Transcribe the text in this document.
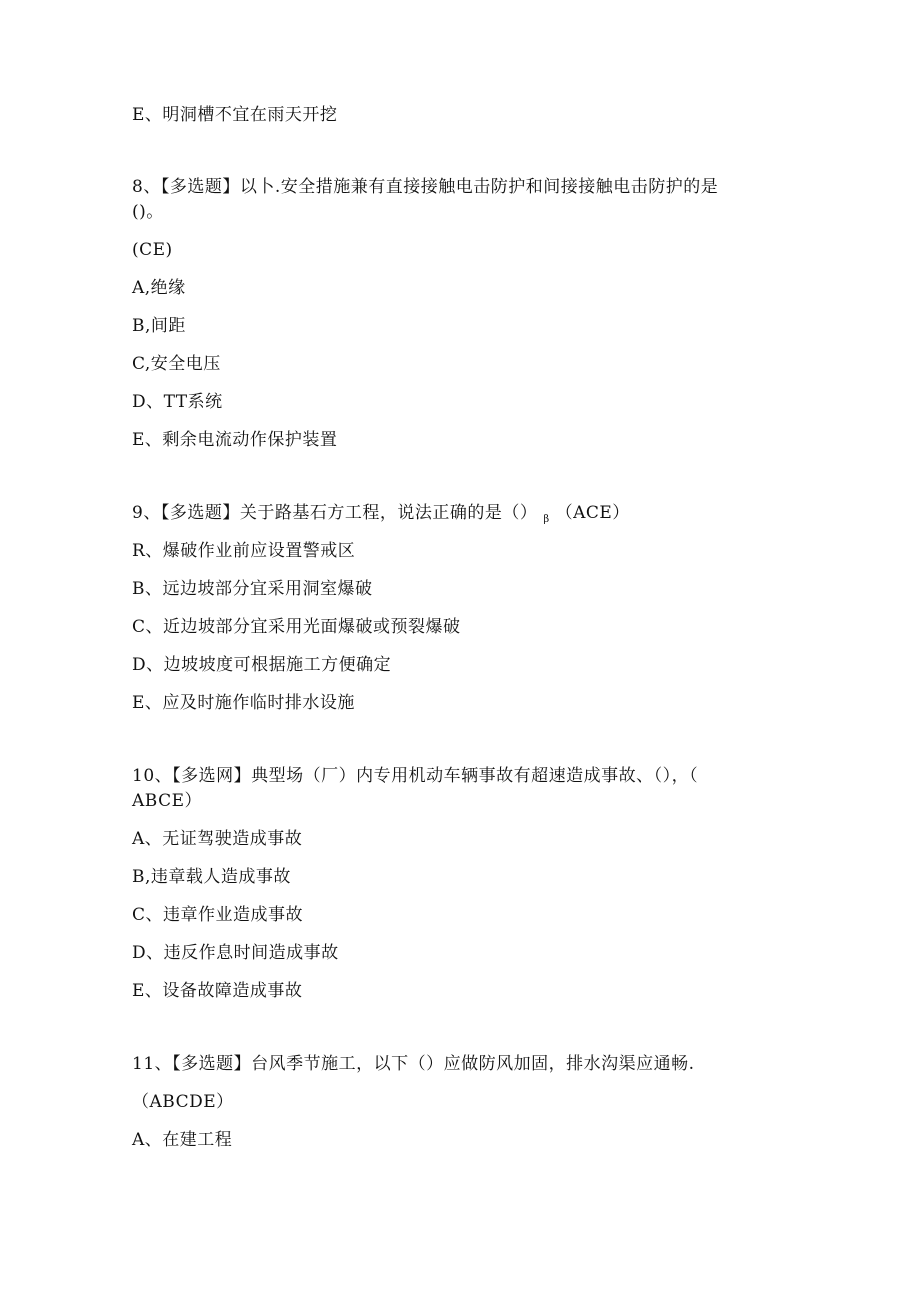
E、明洞槽不宜在雨天开挖
8、【多选题】以卜.安全措施兼有直接接触电击防护和间接接触电击防护的是
()。
(CE)
A,绝缘
B,间距
C,安全电压
D、TT系统
E、剩余电流动作保护装置
9、【多选题】关于路基石方工程，说法正确的是（） $_\beta$ （ACE）
R、爆破作业前应设置警戒区
B、远边坡部分宜采用洞室爆破
C、近边坡部分宜采用光面爆破或预裂爆破
D、边坡坡度可根据施工方便确定
E、应及时施作临时排水设施
10、【多选网】典型场（厂）内专用机动车辆事故有超速造成事故、（），（
ABCE）
A、无证驾驶造成事故
B,违章载人造成事故
C、违章作业造成事故
D、违反作息时间造成事故
E、设备故障造成事故
11、【多选题】台风季节施工，以下（）应做防风加固，排水沟渠应通畅.
（ABCDE）
A、在建工程
